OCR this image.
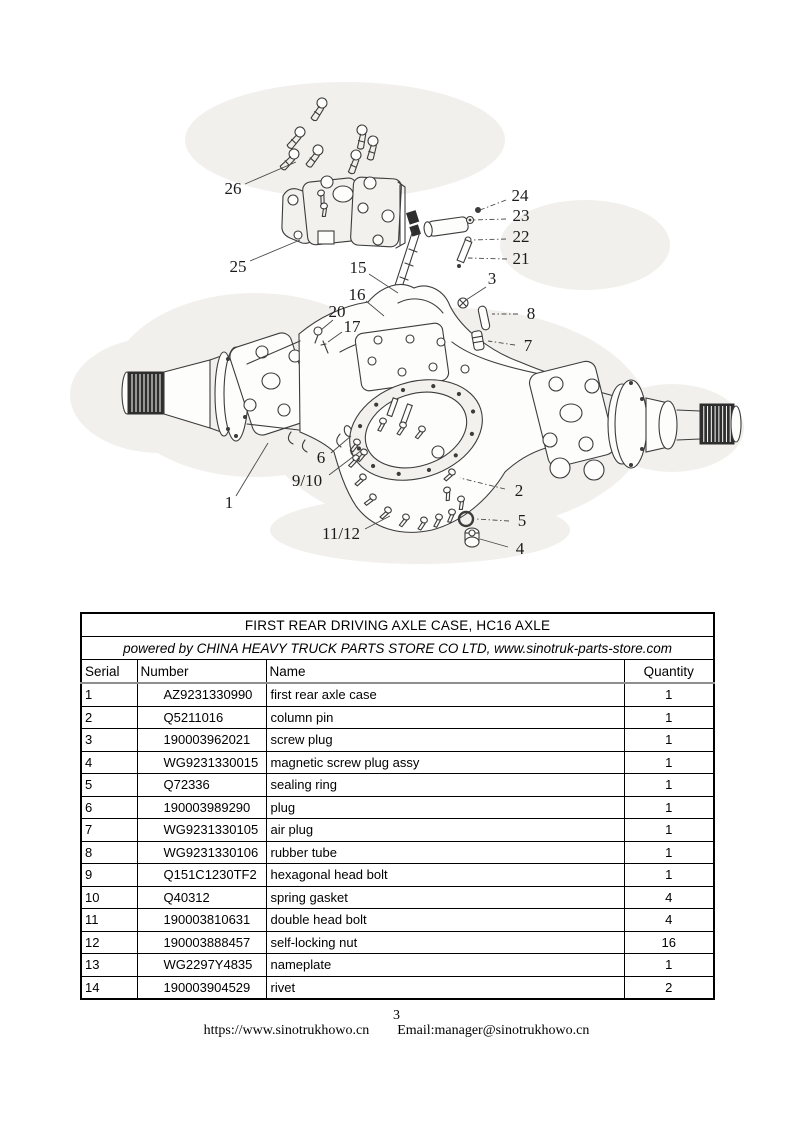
26
25
24
23
22
21
15
16
20
17
3
8
7
6
9/10
1
2
5
4
11/12
FIRST REAR DRIVING AXLE CASE, HC16 AXLE			
powered by CHINA HEAVY TRUCK PARTS STORE CO LTD, www.sinotruk-parts-store.com			
Serial	Number	Name	Quantity
1	AZ9231330990	first rear axle case	1
2	Q5211016	column pin	1
3	190003962021	screw plug	1
4	WG9231330015	magnetic screw plug assy	1
5	Q72336	sealing ring	1
6	190003989290	plug	1
7	WG9231330105	air plug	1
8	WG9231330106	rubber tube	1
9	Q151C1230TF2	hexagonal head bolt	1
10	Q40312	spring gasket	4
11	190003810631	double head bolt	4
12	190003888457	self-locking nut	16
13	WG2297Y4835	nameplate	1
14	190003904529	rivet	2
3
https://www.sinotrukhowo.cn Email:manager@sinotrukhowo.cn
